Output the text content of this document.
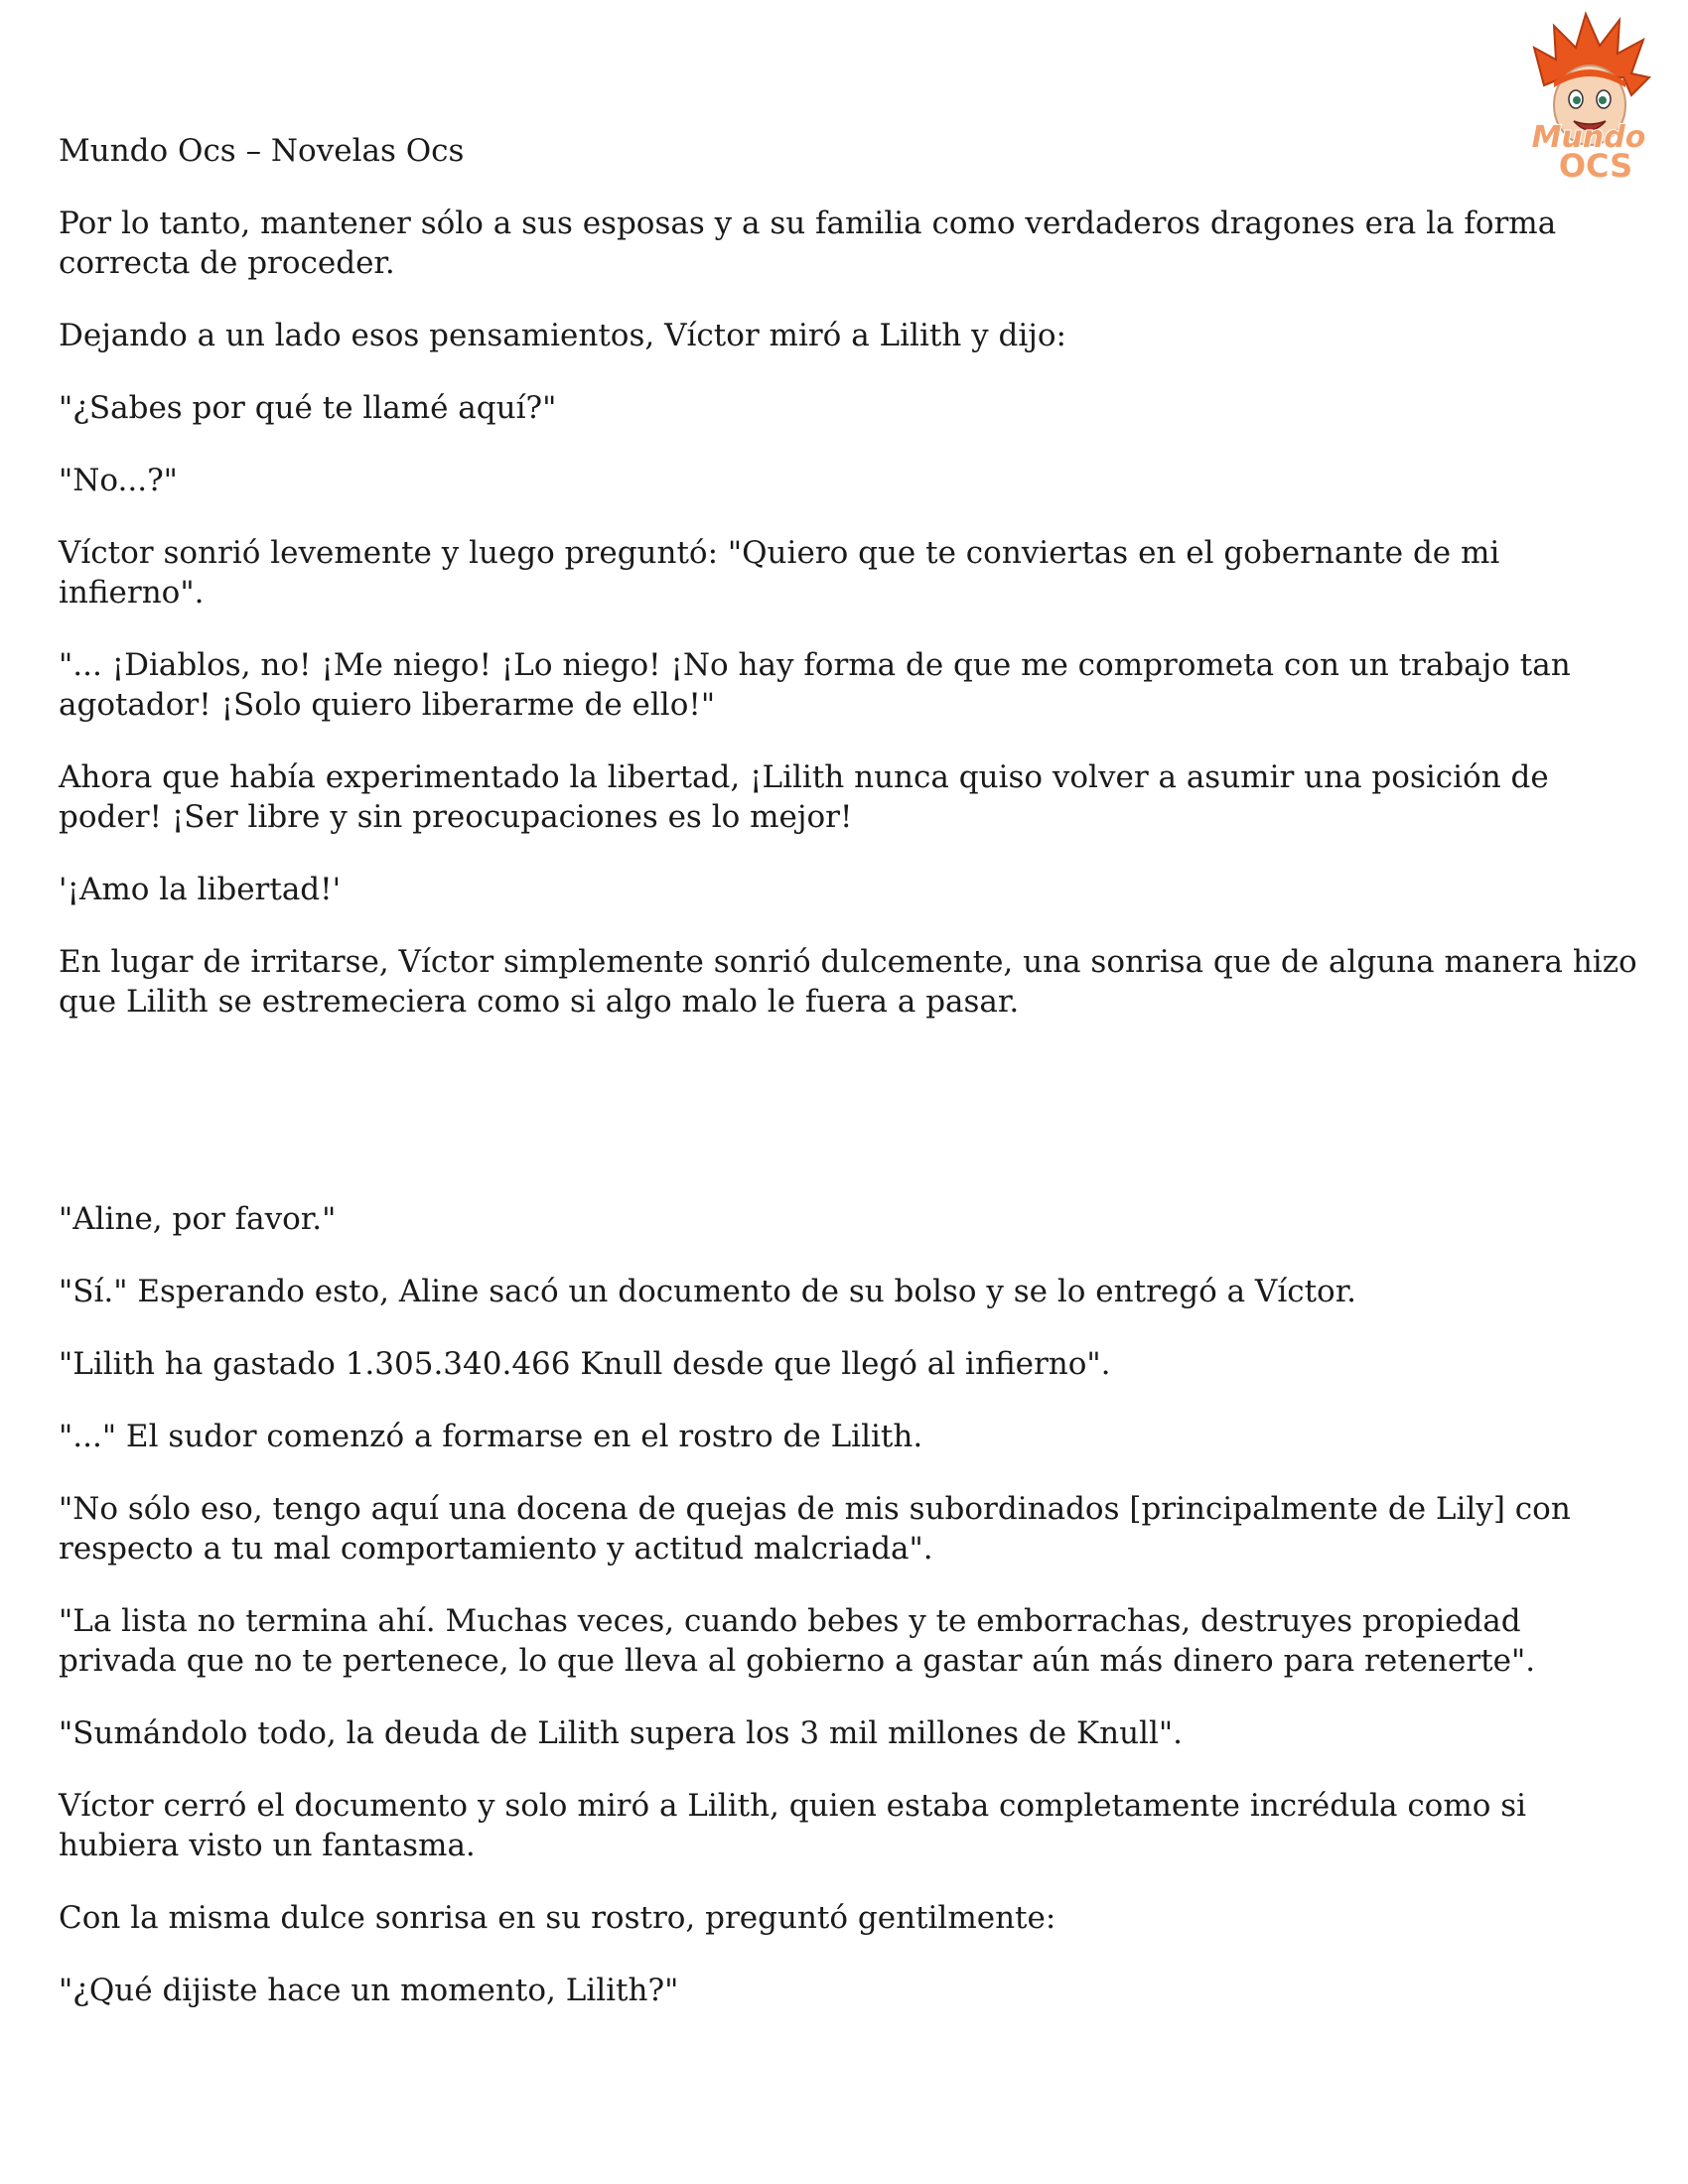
Mundo
OCS

Mundo Ocs – Novelas Ocs

Por lo tanto, mantener sólo a sus esposas y a su familia como verdaderos dragones era la forma correcta de proceder.

Dejando a un lado esos pensamientos, Víctor miró a Lilith y dijo:

"¿Sabes por qué te llamé aquí?"

"No...?"

Víctor sonrió levemente y luego preguntó: "Quiero que te conviertas en el gobernante de mi infierno".

"... ¡Diablos, no! ¡Me niego! ¡Lo niego! ¡No hay forma de que me comprometa con un trabajo tan agotador! ¡Solo quiero liberarme de ello!"

Ahora que había experimentado la libertad, ¡Lilith nunca quiso volver a asumir una posición de poder! ¡Ser libre y sin preocupaciones es lo mejor!

'¡Amo la libertad!'

En lugar de irritarse, Víctor simplemente sonrió dulcemente, una sonrisa que de alguna manera hizo que Lilith se estremeciera como si algo malo le fuera a pasar.

"Aline, por favor."

"Sí." Esperando esto, Aline sacó un documento de su bolso y se lo entregó a Víctor.

"Lilith ha gastado 1.305.340.466 Knull desde que llegó al infierno".

"..." El sudor comenzó a formarse en el rostro de Lilith.

"No sólo eso, tengo aquí una docena de quejas de mis subordinados [principalmente de Lily] con respecto a tu mal comportamiento y actitud malcriada".

"La lista no termina ahí. Muchas veces, cuando bebes y te emborrachas, destruyes propiedad privada que no te pertenece, lo que lleva al gobierno a gastar aún más dinero para retenerte".

"Sumándolo todo, la deuda de Lilith supera los 3 mil millones de Knull".

Víctor cerró el documento y solo miró a Lilith, quien estaba completamente incrédula como si hubiera visto un fantasma.

Con la misma dulce sonrisa en su rostro, preguntó gentilmente:

"¿Qué dijiste hace un momento, Lilith?"
